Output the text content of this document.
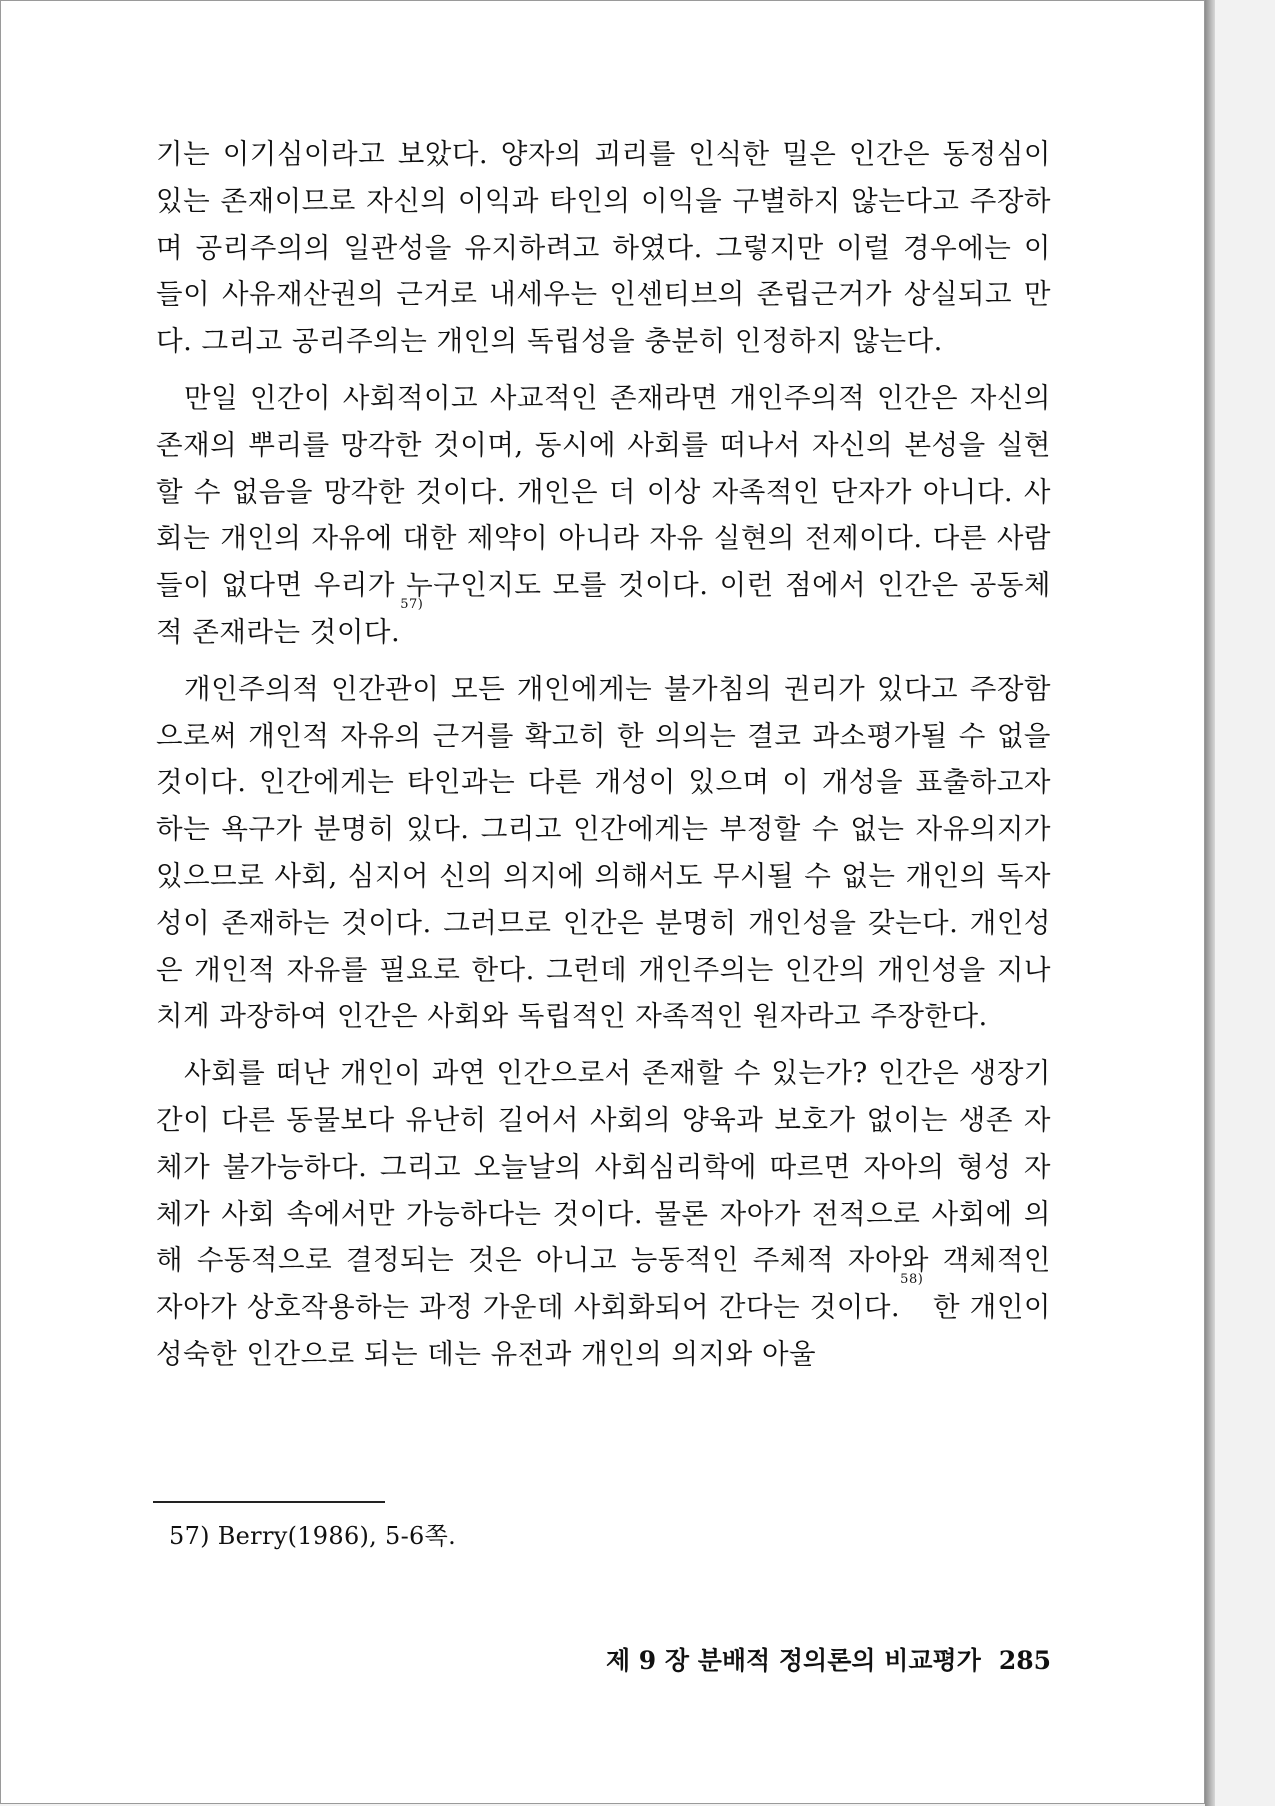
기는 이기심이라고 보았다. 양자의 괴리를 인식한 밀은 인간은 동정심이 있는 존재이므로 자신의 이익과 타인의 이익을 구별하지 않는다고 주장하며 공리주의의 일관성을 유지하려고 하였다. 그렇지만 이럴 경우에는 이들이 사유재산권의 근거로 내세우는 인센티브의 존립근거가 상실되고 만다. 그리고 공리주의는 개인의 독립성을 충분히 인정하지 않는다.

만일 인간이 사회적이고 사교적인 존재라면 개인주의적 인간은 자신의 존재의 뿌리를 망각한 것이며, 동시에 사회를 떠나서 자신의 본성을 실현할 수 없음을 망각한 것이다. 개인은 더 이상 자족적인 단자가 아니다. 사회는 개인의 자유에 대한 제약이 아니라 자유 실현의 전제이다. 다른 사람들이 없다면 우리가 누구인지도 모를 것이다. 이런 점에서 인간은 공동체적 존재라는 것이다.$^{57)}$

개인주의적 인간관이 모든 개인에게는 불가침의 권리가 있다고 주장함으로써 개인적 자유의 근거를 확고히 한 의의는 결코 과소평가될 수 없을 것이다. 인간에게는 타인과는 다른 개성이 있으며 이 개성을 표출하고자 하는 욕구가 분명히 있다. 그리고 인간에게는 부정할 수 없는 자유의지가 있으므로 사회, 심지어 신의 의지에 의해서도 무시될 수 없는 개인의 독자성이 존재하는 것이다. 그러므로 인간은 분명히 개인성을 갖는다. 개인성은 개인적 자유를 필요로 한다. 그런데 개인주의는 인간의 개인성을 지나치게 과장하여 인간은 사회와 독립적인 자족적인 원자라고 주장한다.

사회를 떠난 개인이 과연 인간으로서 존재할 수 있는가? 인간은 생장기간이 다른 동물보다 유난히 길어서 사회의 양육과 보호가 없이는 생존 자체가 불가능하다. 그리고 오늘날의 사회심리학에 따르면 자아의 형성 자체가 사회 속에서만 가능하다는 것이다. 물론 자아가 전적으로 사회에 의해 수동적으로 결정되는 것은 아니고 능동적인 주체적 자아와 객체적인 자아가 상호작용하는 과정 가운데 사회화되어 간다는 것이다.$^{58)}$ 한 개인이 성숙한 인간으로 되는 데는 유전과 개인의 의지와 아울

57) Berry(1986), 5-6쪽.
제 9 장 분배적 정의론의 비교평가 285
